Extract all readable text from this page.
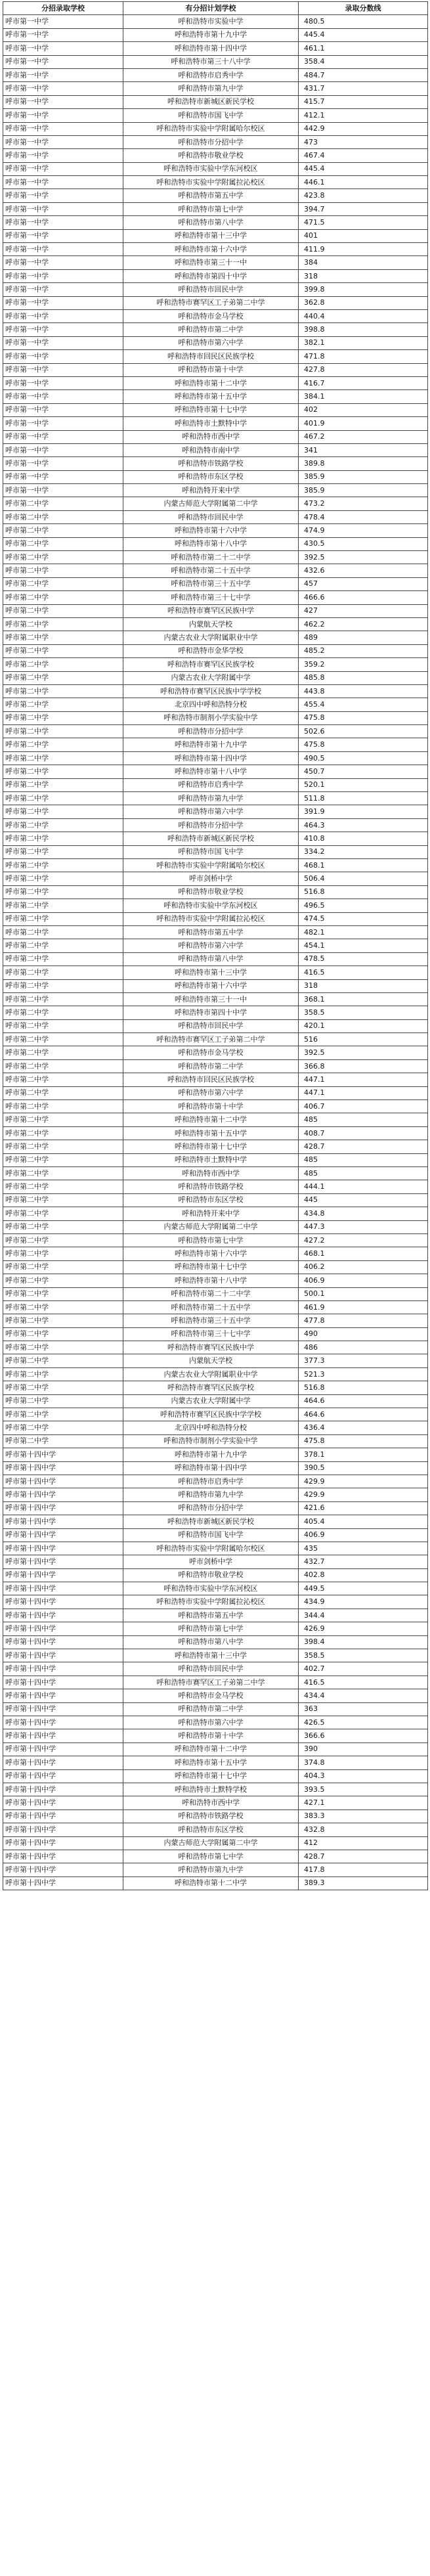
分招录取学校	有分招计划学校	录取分数线
呼市第一中学	呼和浩特市实验中学	480.5
呼市第一中学	呼和浩特市第十九中学	445.4
呼市第一中学	呼和浩特市第十四中学	461.1
呼市第一中学	呼和浩特市第三十八中学	358.4
呼市第一中学	呼和浩特市启秀中学	484.7
呼市第一中学	呼和浩特市第九中学	431.7
呼市第一中学	呼和浩特市新城区新民学校	415.7
呼市第一中学	呼和浩特市国飞中学	412.1
呼市第一中学	呼和浩特市实验中学附属哈尔校区	442.9
呼市第一中学	呼和浩特市分招中学	473
呼市第一中学	呼和浩特市敬业学校	467.4
呼市第一中学	呼和浩特市实验中学东河校区	445.4
呼市第一中学	呼和浩特市实验中学附属拉沁校区	446.1
呼市第一中学	呼和浩特市第五中学	423.8
呼市第一中学	呼和浩特市第七中学	394.7
呼市第一中学	呼和浩特市第八中学	471.5
呼市第一中学	呼和浩特市第十三中学	401
呼市第一中学	呼和浩特市第十六中学	411.9
呼市第一中学	呼和浩特市第三十一中	384
呼市第一中学	呼和浩特市第四十中学	318
呼市第一中学	呼和浩特市回民中学	399.8
呼市第一中学	呼和浩特市赛罕区工子弟第二中学	362.8
呼市第一中学	呼和浩特市金马学校	440.4
呼市第一中学	呼和浩特市第二中学	398.8
呼市第一中学	呼和浩特市第六中学	382.1
呼市第一中学	呼和浩特市回民区民族学校	471.8
呼市第一中学	呼和浩特市第十中学	427.8
呼市第一中学	呼和浩特市第十二中学	416.7
呼市第一中学	呼和浩特市第十五中学	384.1
呼市第一中学	呼和浩特市第十七中学	402
呼市第一中学	呼和浩特市土默特中学	401.9
呼市第一中学	呼和浩特市西中学	467.2
呼市第一中学	呼和浩特市南中学	341
呼市第一中学	呼和浩特市铁路学校	389.8
呼市第一中学	呼和浩特市东区学校	385.9
呼市第一中学	呼和浩特开来中学	385.9
呼市第二中学	内蒙古师范大学附属第二中学	473.2
呼市第二中学	呼和浩特市回民中学	478.4
呼市第二中学	呼和浩特市第十六中学	474.9
呼市第二中学	呼和浩特市第十八中学	430.5
呼市第二中学	呼和浩特市第二十二中学	392.5
呼市第二中学	呼和浩特市第二十五中学	432.6
呼市第二中学	呼和浩特市第三十五中学	457
呼市第二中学	呼和浩特市第三十七中学	466.6
呼市第二中学	呼和浩特市赛罕区民族中学	427
呼市第二中学	内蒙航天学校	462.2
呼市第二中学	内蒙古农业大学附属职业中学	489
呼市第二中学	呼和浩特市金华学校	485.2
呼市第二中学	呼和浩特市赛罕区民族学校	359.2
呼市第二中学	内蒙古农业大学附属中学	485.8
呼市第二中学	呼和浩特市赛罕区民族中学学校	443.8
呼市第二中学	北京四中呼和浩特分校	455.4
呼市第二中学	呼和浩特市制剂小学实验中学	475.8
呼市第二中学	呼和浩特市分招中学	502.6
呼市第二中学	呼和浩特市第十九中学	475.8
呼市第二中学	呼和浩特市第十四中学	490.5
呼市第二中学	呼和浩特市第十八中学	450.7
呼市第二中学	呼和浩特市启秀中学	520.1
呼市第二中学	呼和浩特市第九中学	511.8
呼市第二中学	呼和浩特市第六中学	391.9
呼市第二中学	呼和浩特市分招中学	464.3
呼市第二中学	呼和浩特市新城区新民学校	410.8
呼市第二中学	呼和浩特市国飞中学	334.2
呼市第二中学	呼和浩特市实验中学附属哈尔校区	468.1
呼市第二中学	呼市剑桥中学	506.4
呼市第二中学	呼和浩特市敬业学校	516.8
呼市第二中学	呼和浩特市实验中学东河校区	496.5
呼市第二中学	呼和浩特市实验中学附属拉沁校区	474.5
呼市第二中学	呼和浩特市第五中学	482.1
呼市第二中学	呼和浩特市第六中学	454.1
呼市第二中学	呼和浩特市第八中学	478.5
呼市第二中学	呼和浩特市第十三中学	416.5
呼市第二中学	呼和浩特市第十六中学	318
呼市第二中学	呼和浩特市第三十一中	368.1
呼市第二中学	呼和浩特市第四十中学	358.5
呼市第二中学	呼和浩特市回民中学	420.1
呼市第二中学	呼和浩特市赛罕区工子弟第二中学	516
呼市第二中学	呼和浩特市金马学校	392.5
呼市第二中学	呼和浩特市第二中学	366.8
呼市第二中学	呼和浩特市回民区民族学校	447.1
呼市第二中学	呼和浩特市第六中学	447.1
呼市第二中学	呼和浩特市第十中学	406.7
呼市第二中学	呼和浩特市第十二中学	485
呼市第二中学	呼和浩特市第十五中学	408.7
呼市第二中学	呼和浩特市第十七中学	428.7
呼市第二中学	呼和浩特市土默特中学	485
呼市第二中学	呼和浩特市西中学	485
呼市第二中学	呼和浩特市铁路学校	444.1
呼市第二中学	呼和浩特市东区学校	445
呼市第二中学	呼和浩特开来中学	434.8
呼市第二中学	内蒙古师范大学附属第二中学	447.3
呼市第二中学	呼和浩特市第七中学	427.2
呼市第二中学	呼和浩特市第十六中学	468.1
呼市第二中学	呼和浩特市第十七中学	406.2
呼市第二中学	呼和浩特市第十八中学	406.9
呼市第二中学	呼和浩特市第二十二中学	500.1
呼市第二中学	呼和浩特市第二十五中学	461.9
呼市第二中学	呼和浩特市第三十五中学	477.8
呼市第二中学	呼和浩特市第三十七中学	490
呼市第二中学	呼和浩特市赛罕区民族中学	486
呼市第二中学	内蒙航天学校	377.3
呼市第二中学	内蒙古农业大学附属职业中学	521.3
呼市第二中学	呼和浩特市赛罕区民族学校	516.8
呼市第二中学	内蒙古农业大学附属中学	464.6
呼市第二中学	呼和浩特市赛罕区民族中学学校	464.6
呼市第二中学	北京四中呼和浩特分校	436.4
呼市第二中学	呼和浩特市制剂小学实验中学	475.8
呼市第十四中学	呼和浩特市第十九中学	378.1
呼市第十四中学	呼和浩特市第十四中学	390.5
呼市第十四中学	呼和浩特市启秀中学	429.9
呼市第十四中学	呼和浩特市第九中学	429.9
呼市第十四中学	呼和浩特市分招中学	421.6
呼市第十四中学	呼和浩特市新城区新民学校	405.4
呼市第十四中学	呼和浩特市国飞中学	406.9
呼市第十四中学	呼和浩特市实验中学附属哈尔校区	435
呼市第十四中学	呼市剑桥中学	432.7
呼市第十四中学	呼和浩特市敬业学校	402.8
呼市第十四中学	呼和浩特市实验中学东河校区	449.5
呼市第十四中学	呼和浩特市实验中学附属拉沁校区	434.9
呼市第十四中学	呼和浩特市第五中学	344.4
呼市第十四中学	呼和浩特市第七中学	426.9
呼市第十四中学	呼和浩特市第八中学	398.4
呼市第十四中学	呼和浩特市第十三中学	358.5
呼市第十四中学	呼和浩特市回民中学	402.7
呼市第十四中学	呼和浩特市赛罕区工子弟第二中学	416.5
呼市第十四中学	呼和浩特市金马学校	434.4
呼市第十四中学	呼和浩特市第二中学	363
呼市第十四中学	呼和浩特市第六中学	426.5
呼市第十四中学	呼和浩特市第十中学	366.6
呼市第十四中学	呼和浩特市第十二中学	390
呼市第十四中学	呼和浩特市第十五中学	374.8
呼市第十四中学	呼和浩特市第十七中学	404.3
呼市第十四中学	呼和浩特市土默特学校	393.5
呼市第十四中学	呼和浩特市西中学	427.1
呼市第十四中学	呼和浩特市铁路学校	383.3
呼市第十四中学	呼和浩特市东区学校	432.8
呼市第十四中学	内蒙古师范大学附属第二中学	412
呼市第十四中学	呼和浩特市第七中学	428.7
呼市第十四中学	呼和浩特市第九中学	417.8
呼市第十四中学	呼和浩特市第十二中学	389.3
